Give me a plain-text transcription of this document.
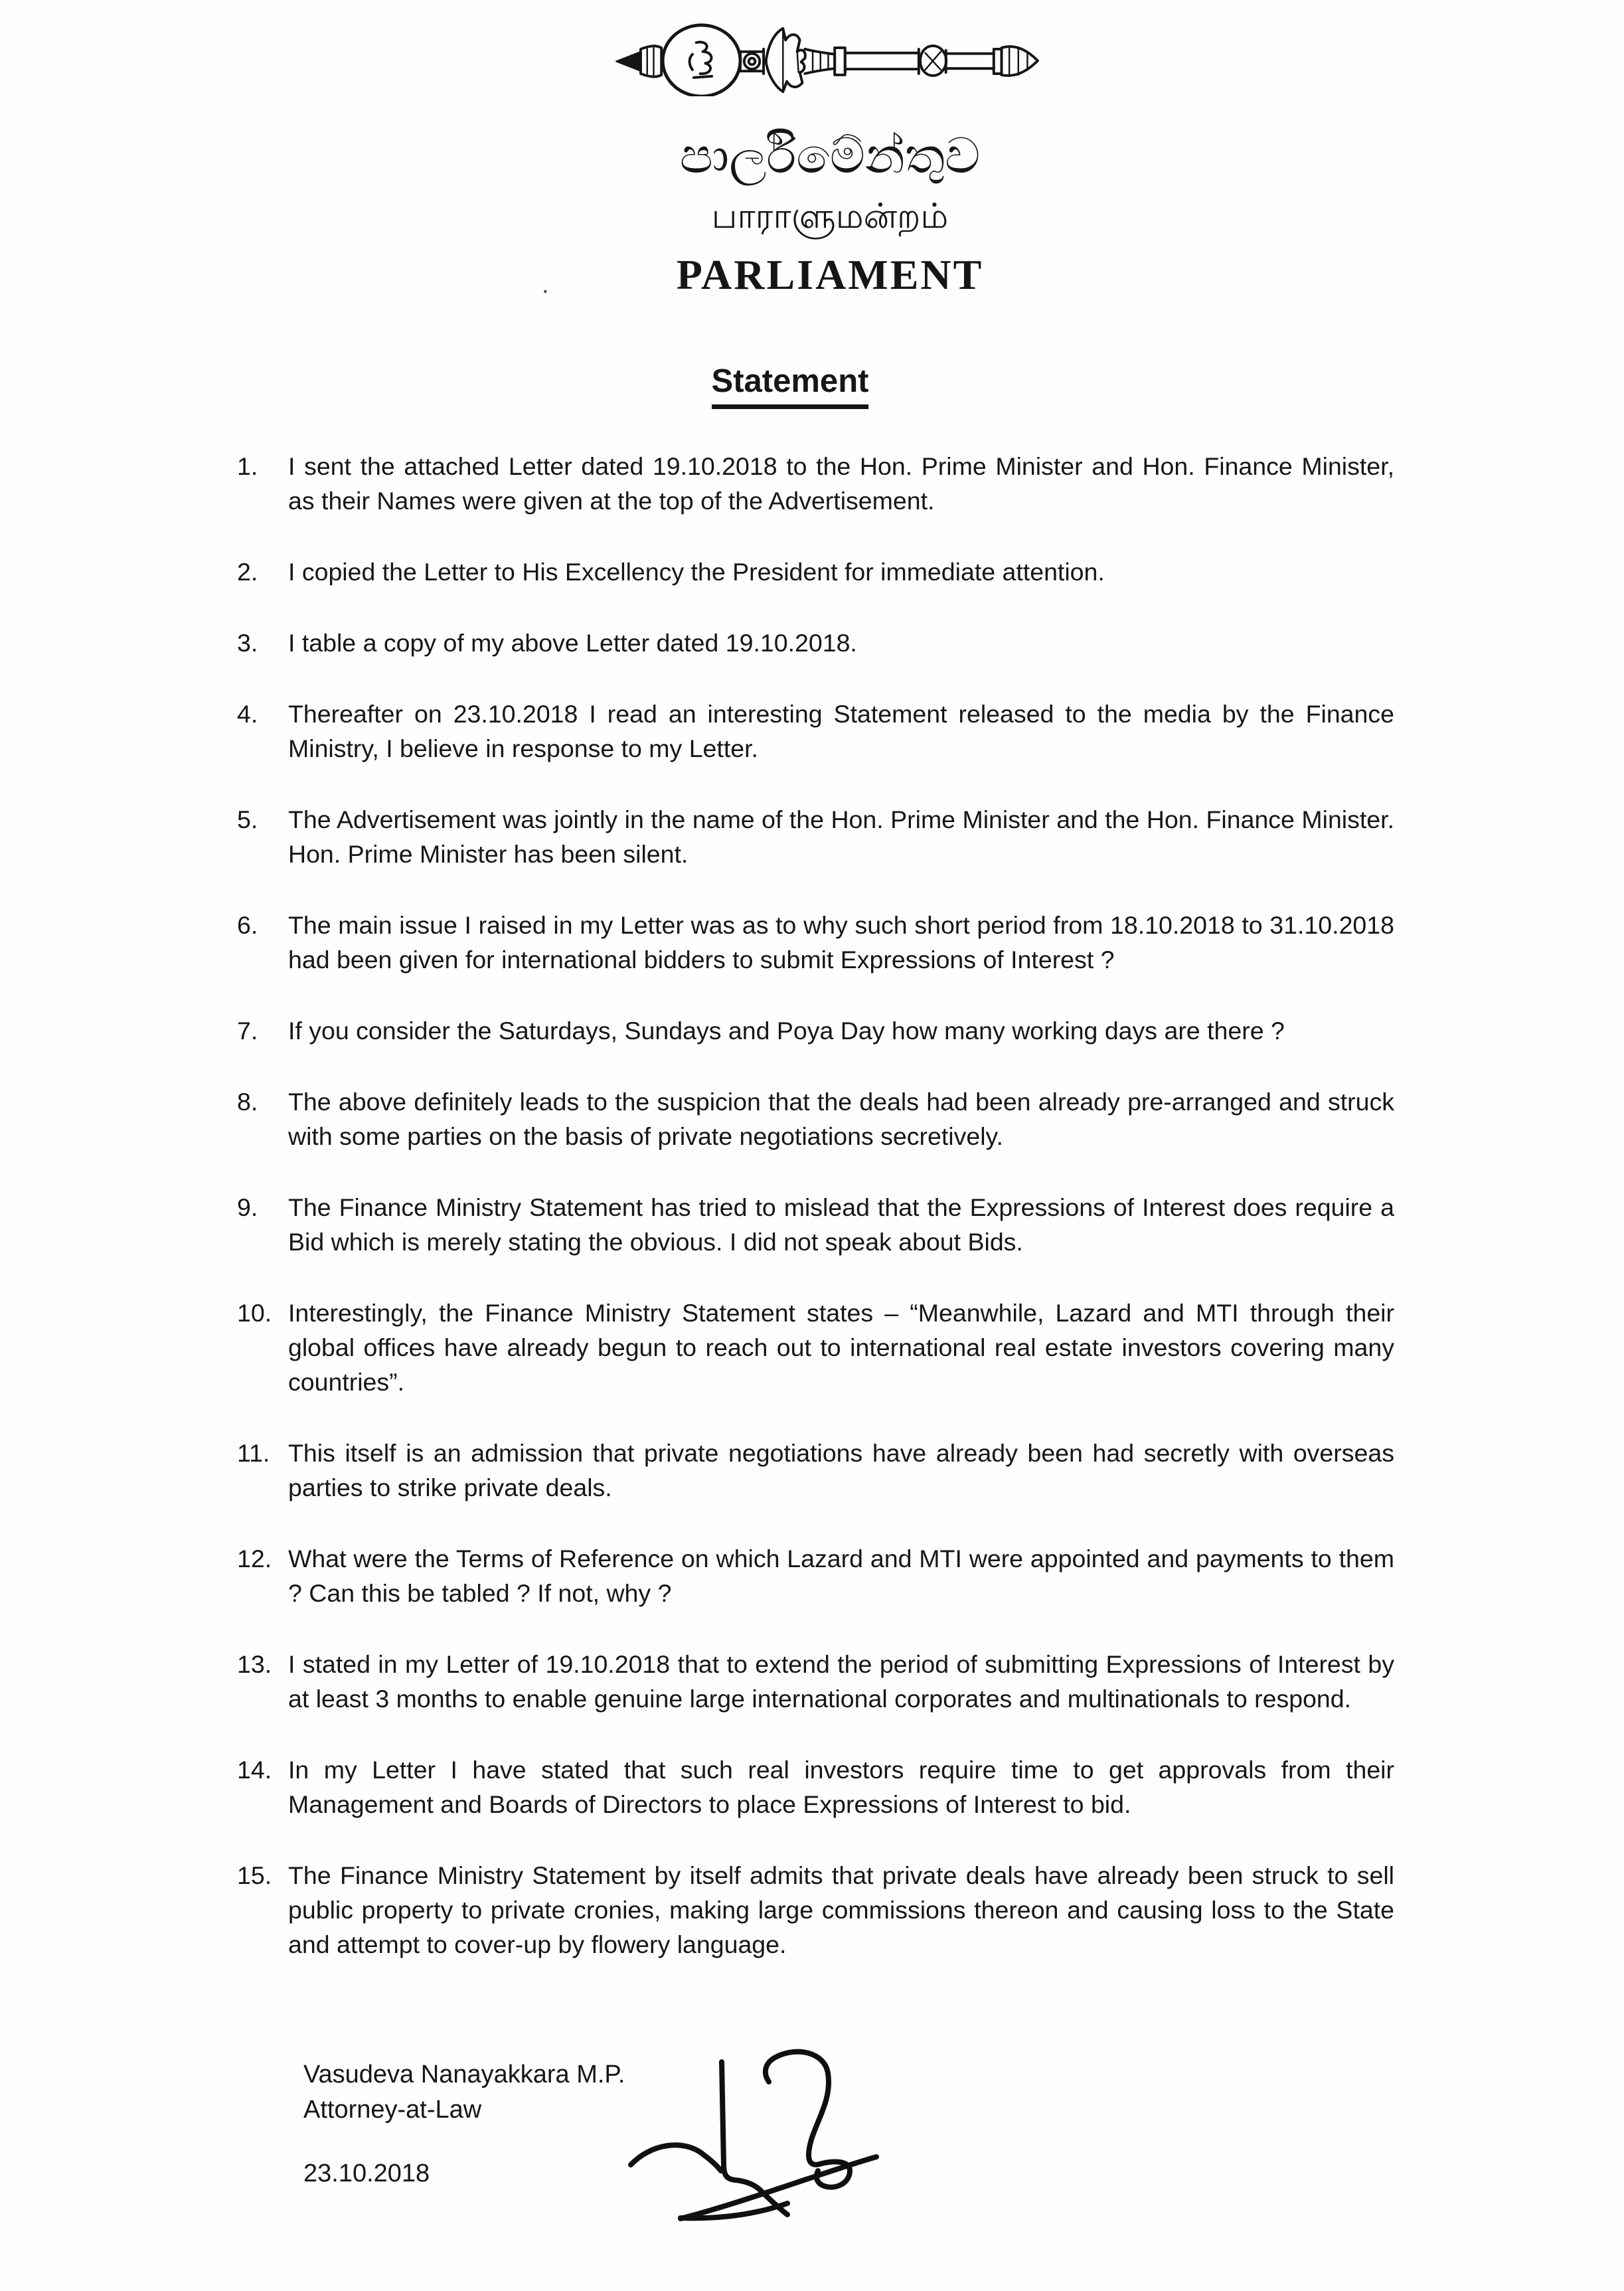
පාර්ලිමේන්තුව
பாராளுமன்றம்
PARLIAMENT
.
Statement
1.	I sent the attached Letter dated 19.10.2018 to the Hon. Prime Minister and Hon. Finance Minister, as their Names were given at the top of the Advertisement.
2.	I copied the Letter to His Excellency the President for immediate attention.
3.	I table a copy of my above Letter dated 19.10.2018.
4.	Thereafter on 23.10.2018 I read an interesting Statement released to the media by the Finance Ministry, I believe in response to my Letter.
5.	The Advertisement was jointly in the name of the Hon. Prime Minister and the Hon. Finance Minister. Hon. Prime Minister has been silent.
6.	The main issue I raised in my Letter was as to why such short period from 18.10.2018 to 31.10.2018 had been given for international bidders to submit Expressions of Interest ?
7.	If you consider the Saturdays, Sundays and Poya Day how many working days are there ?
8.	The above definitely leads to the suspicion that the deals had been already pre-arranged and struck with some parties on the basis of private negotiations secretively.
9.	The Finance Ministry Statement has tried to mislead that the Expressions of Interest does require a Bid which is merely stating the obvious. I did not speak about Bids.
10. Interestingly, the Finance Ministry Statement states – “Meanwhile, Lazard and MTI through their global offices have already begun to reach out to international real estate investors covering many countries”.
11. This itself is an admission that private negotiations have already been had secretly with overseas parties to strike private deals.
12. What were the Terms of Reference on which Lazard and MTI were appointed and payments to them ? Can this be tabled ? If not, why ?
13. I stated in my Letter of 19.10.2018 that to extend the period of submitting Expressions of Interest by at least 3 months to enable genuine large international corporates and multinationals to respond.
14. In my Letter I have stated that such real investors require time to get approvals from their Management and Boards of Directors to place Expressions of Interest to bid.
15. The Finance Ministry Statement by itself admits that private deals have already been struck to sell public property to private cronies, making large commissions thereon and causing loss to the State and attempt to cover-up by flowery language.
Vasudeva Nanayakkara M.P.
Attorney-at-Law
23.10.2018
